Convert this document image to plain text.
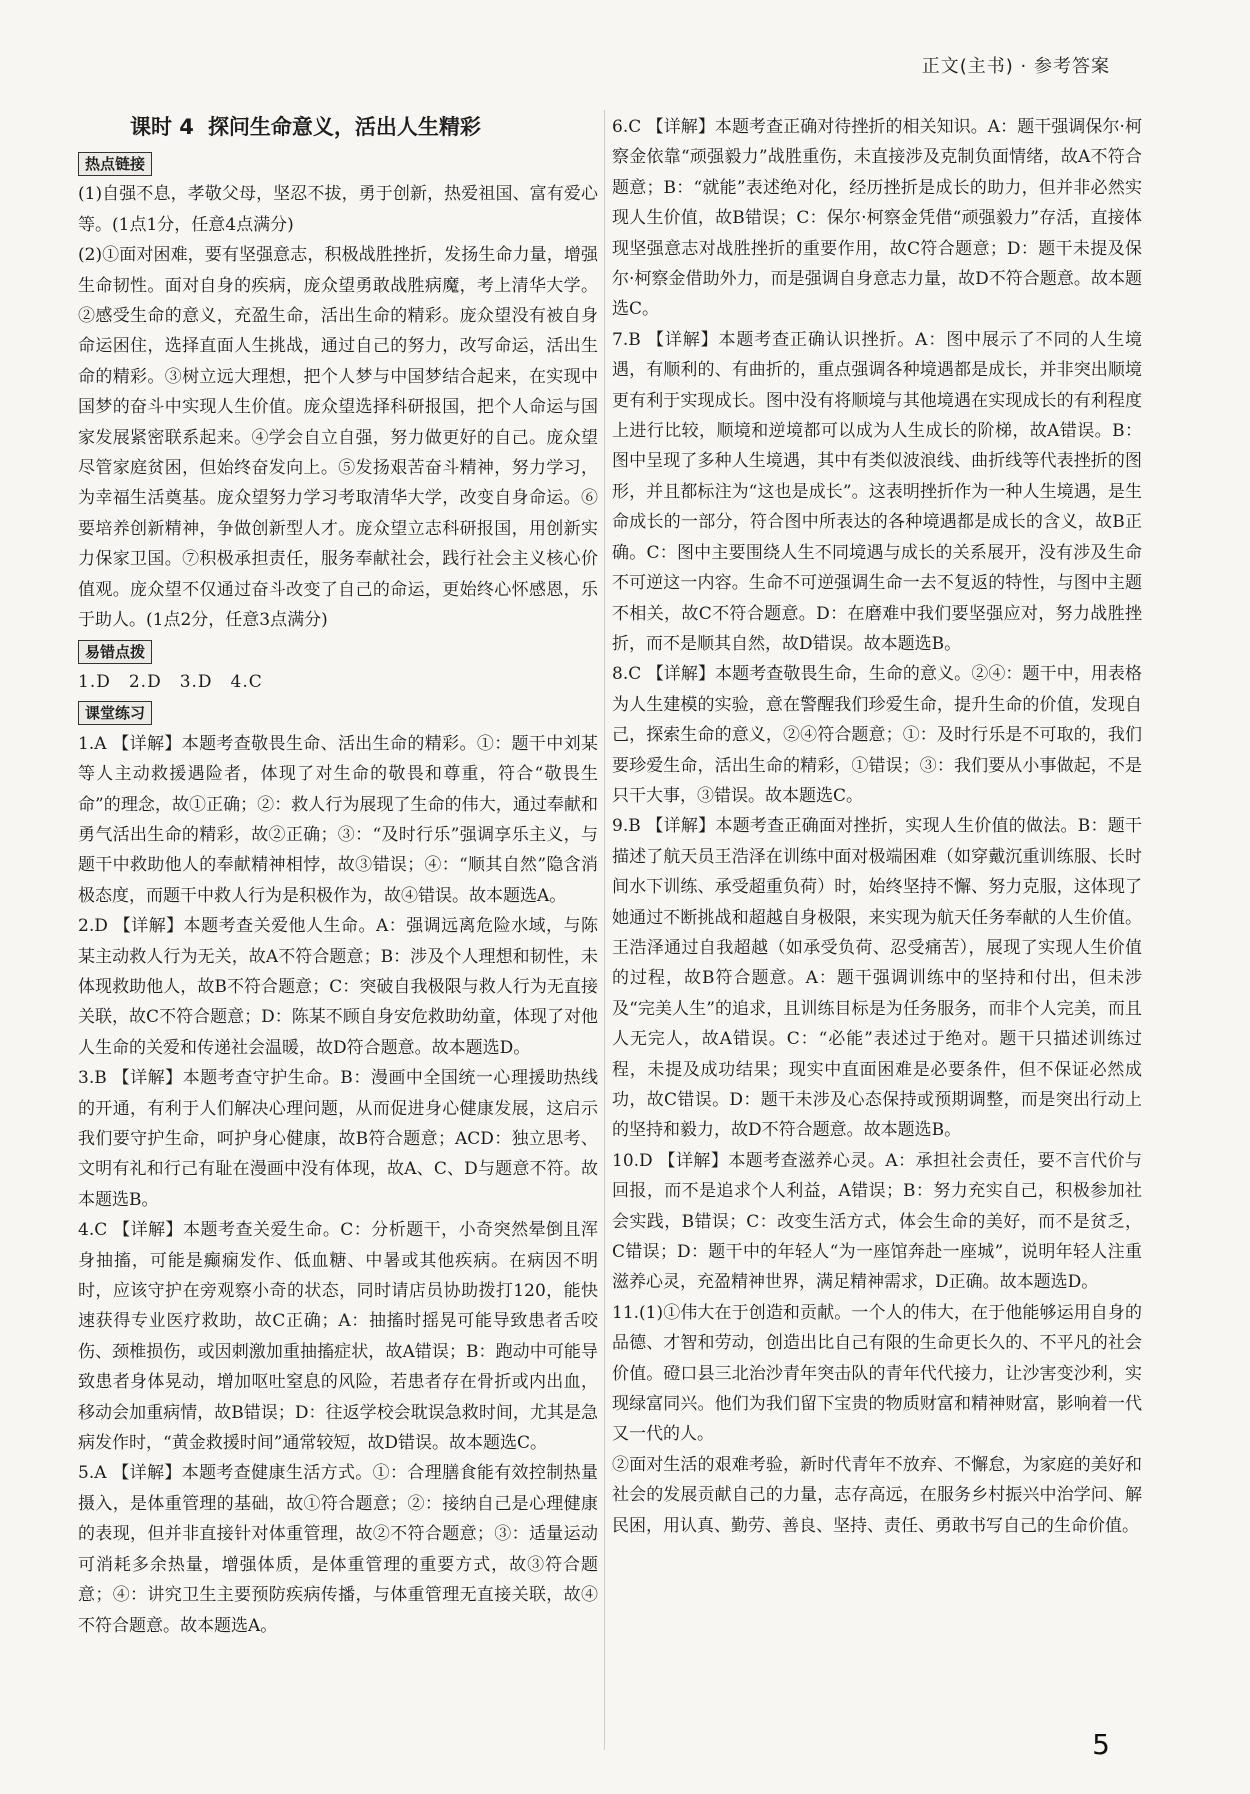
正文(主书) · 参考答案
课时 4 探问生命意义，活出人生精彩
热点链接

(1)自强不息，孝敬父母，坚忍不拔，勇于创新，热爱祖国、富有爱心等。(1点1分，任意4点满分)

(2)①面对困难，要有坚强意志，积极战胜挫折，发扬生命力量，增强生命韧性。面对自身的疾病，庞众望勇敢战胜病魔，考上清华大学。②感受生命的意义，充盈生命，活出生命的精彩。庞众望没有被自身命运困住，选择直面人生挑战，通过自己的努力，改写命运，活出生命的精彩。③树立远大理想，把个人梦与中国梦结合起来，在实现中国梦的奋斗中实现人生价值。庞众望选择科研报国，把个人命运与国家发展紧密联系起来。④学会自立自强，努力做更好的自己。庞众望尽管家庭贫困，但始终奋发向上。⑤发扬艰苦奋斗精神，努力学习，为幸福生活奠基。庞众望努力学习考取清华大学，改变自身命运。⑥要培养创新精神，争做创新型人才。庞众望立志科研报国，用创新实力保家卫国。⑦积极承担责任，服务奉献社会，践行社会主义核心价值观。庞众望不仅通过奋斗改变了自己的命运，更始终心怀感恩，乐于助人。(1点2分，任意3点满分)

易错点拨

1.D　2.D　3.D　4.C

课堂练习

1.A 【详解】本题考查敬畏生命、活出生命的精彩。①：题干中刘某等人主动救援遇险者，体现了对生命的敬畏和尊重，符合“敬畏生命”的理念，故①正确；②：救人行为展现了生命的伟大，通过奉献和勇气活出生命的精彩，故②正确；③：“及时行乐”强调享乐主义，与题干中救助他人的奉献精神相悖，故③错误；④：“顺其自然”隐含消极态度，而题干中救人行为是积极作为，故④错误。故本题选A。

2.D 【详解】本题考查关爱他人生命。A：强调远离危险水域，与陈某主动救人行为无关，故A不符合题意；B：涉及个人理想和韧性，未体现救助他人，故B不符合题意；C：突破自我极限与救人行为无直接关联，故C不符合题意；D：陈某不顾自身安危救助幼童，体现了对他人生命的关爱和传递社会温暖，故D符合题意。故本题选D。

3.B 【详解】本题考查守护生命。B：漫画中全国统一心理援助热线的开通，有利于人们解决心理问题，从而促进身心健康发展，这启示我们要守护生命，呵护身心健康，故B符合题意；ACD：独立思考、文明有礼和行己有耻在漫画中没有体现，故A、C、D与题意不符。故本题选B。

4.C 【详解】本题考查关爱生命。C：分析题干，小奇突然晕倒且浑身抽搐，可能是癫痫发作、低血糖、中暑或其他疾病。在病因不明时，应该守护在旁观察小奇的状态，同时请店员协助拨打120，能快速获得专业医疗救助，故C正确；A：抽搐时摇晃可能导致患者舌咬伤、颈椎损伤，或因刺激加重抽搐症状，故A错误；B：跑动中可能导致患者身体晃动，增加呕吐窒息的风险，若患者存在骨折或内出血，移动会加重病情，故B错误；D：往返学校会耽误急救时间，尤其是急病发作时，“黄金救援时间”通常较短，故D错误。故本题选C。

5.A 【详解】本题考查健康生活方式。①：合理膳食能有效控制热量摄入，是体重管理的基础，故①符合题意；②：接纳自己是心理健康的表现，但并非直接针对体重管理，故②不符合题意；③：适量运动可消耗多余热量，增强体质，是体重管理的重要方式，故③符合题意；④：讲究卫生主要预防疾病传播，与体重管理无直接关联，故④不符合题意。故本题选A。

6.C 【详解】本题考查正确对待挫折的相关知识。A：题干强调保尔·柯察金依靠“顽强毅力”战胜重伤，未直接涉及克制负面情绪，故A不符合题意；B：“就能”表述绝对化，经历挫折是成长的助力，但并非必然实现人生价值，故B错误；C：保尔·柯察金凭借“顽强毅力”存活，直接体现坚强意志对战胜挫折的重要作用，故C符合题意；D：题干未提及保尔·柯察金借助外力，而是强调自身意志力量，故D不符合题意。故本题选C。

7.B 【详解】本题考查正确认识挫折。A：图中展示了不同的人生境遇，有顺利的、有曲折的，重点强调各种境遇都是成长，并非突出顺境更有利于实现成长。图中没有将顺境与其他境遇在实现成长的有利程度上进行比较，顺境和逆境都可以成为人生成长的阶梯，故A错误。B：图中呈现了多种人生境遇，其中有类似波浪线、曲折线等代表挫折的图形，并且都标注为“这也是成长”。这表明挫折作为一种人生境遇，是生命成长的一部分，符合图中所表达的各种境遇都是成长的含义，故B正确。C：图中主要围绕人生不同境遇与成长的关系展开，没有涉及生命不可逆这一内容。生命不可逆强调生命一去不复返的特性，与图中主题不相关，故C不符合题意。D：在磨难中我们要坚强应对，努力战胜挫折，而不是顺其自然，故D错误。故本题选B。

8.C 【详解】本题考查敬畏生命，生命的意义。②④：题干中，用表格为人生建模的实验，意在警醒我们珍爱生命，提升生命的价值，发现自己，探索生命的意义，②④符合题意；①：及时行乐是不可取的，我们要珍爱生命，活出生命的精彩，①错误；③：我们要从小事做起，不是只干大事，③错误。故本题选C。

9.B 【详解】本题考查正确面对挫折，实现人生价值的做法。B：题干描述了航天员王浩泽在训练中面对极端困难（如穿戴沉重训练服、长时间水下训练、承受超重负荷）时，始终坚持不懈、努力克服，这体现了她通过不断挑战和超越自身极限，来实现为航天任务奉献的人生价值。王浩泽通过自我超越（如承受负荷、忍受痛苦），展现了实现人生价值的过程，故B符合题意。A：题干强调训练中的坚持和付出，但未涉及“完美人生”的追求，且训练目标是为任务服务，而非个人完美，而且人无完人，故A错误。C：“必能”表述过于绝对。题干只描述训练过程，未提及成功结果；现实中直面困难是必要条件，但不保证必然成功，故C错误。D：题干未涉及心态保持或预期调整，而是突出行动上的坚持和毅力，故D不符合题意。故本题选B。

10.D 【详解】本题考查滋养心灵。A：承担社会责任，要不言代价与回报，而不是追求个人利益，A错误；B：努力充实自己，积极参加社会实践，B错误；C：改变生活方式，体会生命的美好，而不是贫乏，C错误；D：题干中的年轻人“为一座馆奔赴一座城”，说明年轻人注重滋养心灵，充盈精神世界，满足精神需求，D正确。故本题选D。

11.(1)①伟大在于创造和贡献。一个人的伟大，在于他能够运用自身的品德、才智和劳动，创造出比自己有限的生命更长久的、不平凡的社会价值。磴口县三北治沙青年突击队的青年代代接力，让沙害变沙利，实现绿富同兴。他们为我们留下宝贵的物质财富和精神财富，影响着一代又一代的人。

②面对生活的艰难考验，新时代青年不放弃、不懈怠，为家庭的美好和社会的发展贡献自己的力量，志存高远，在服务乡村振兴中治学问、解民困，用认真、勤劳、善良、坚持、责任、勇敢书写自己的生命价值。

5
